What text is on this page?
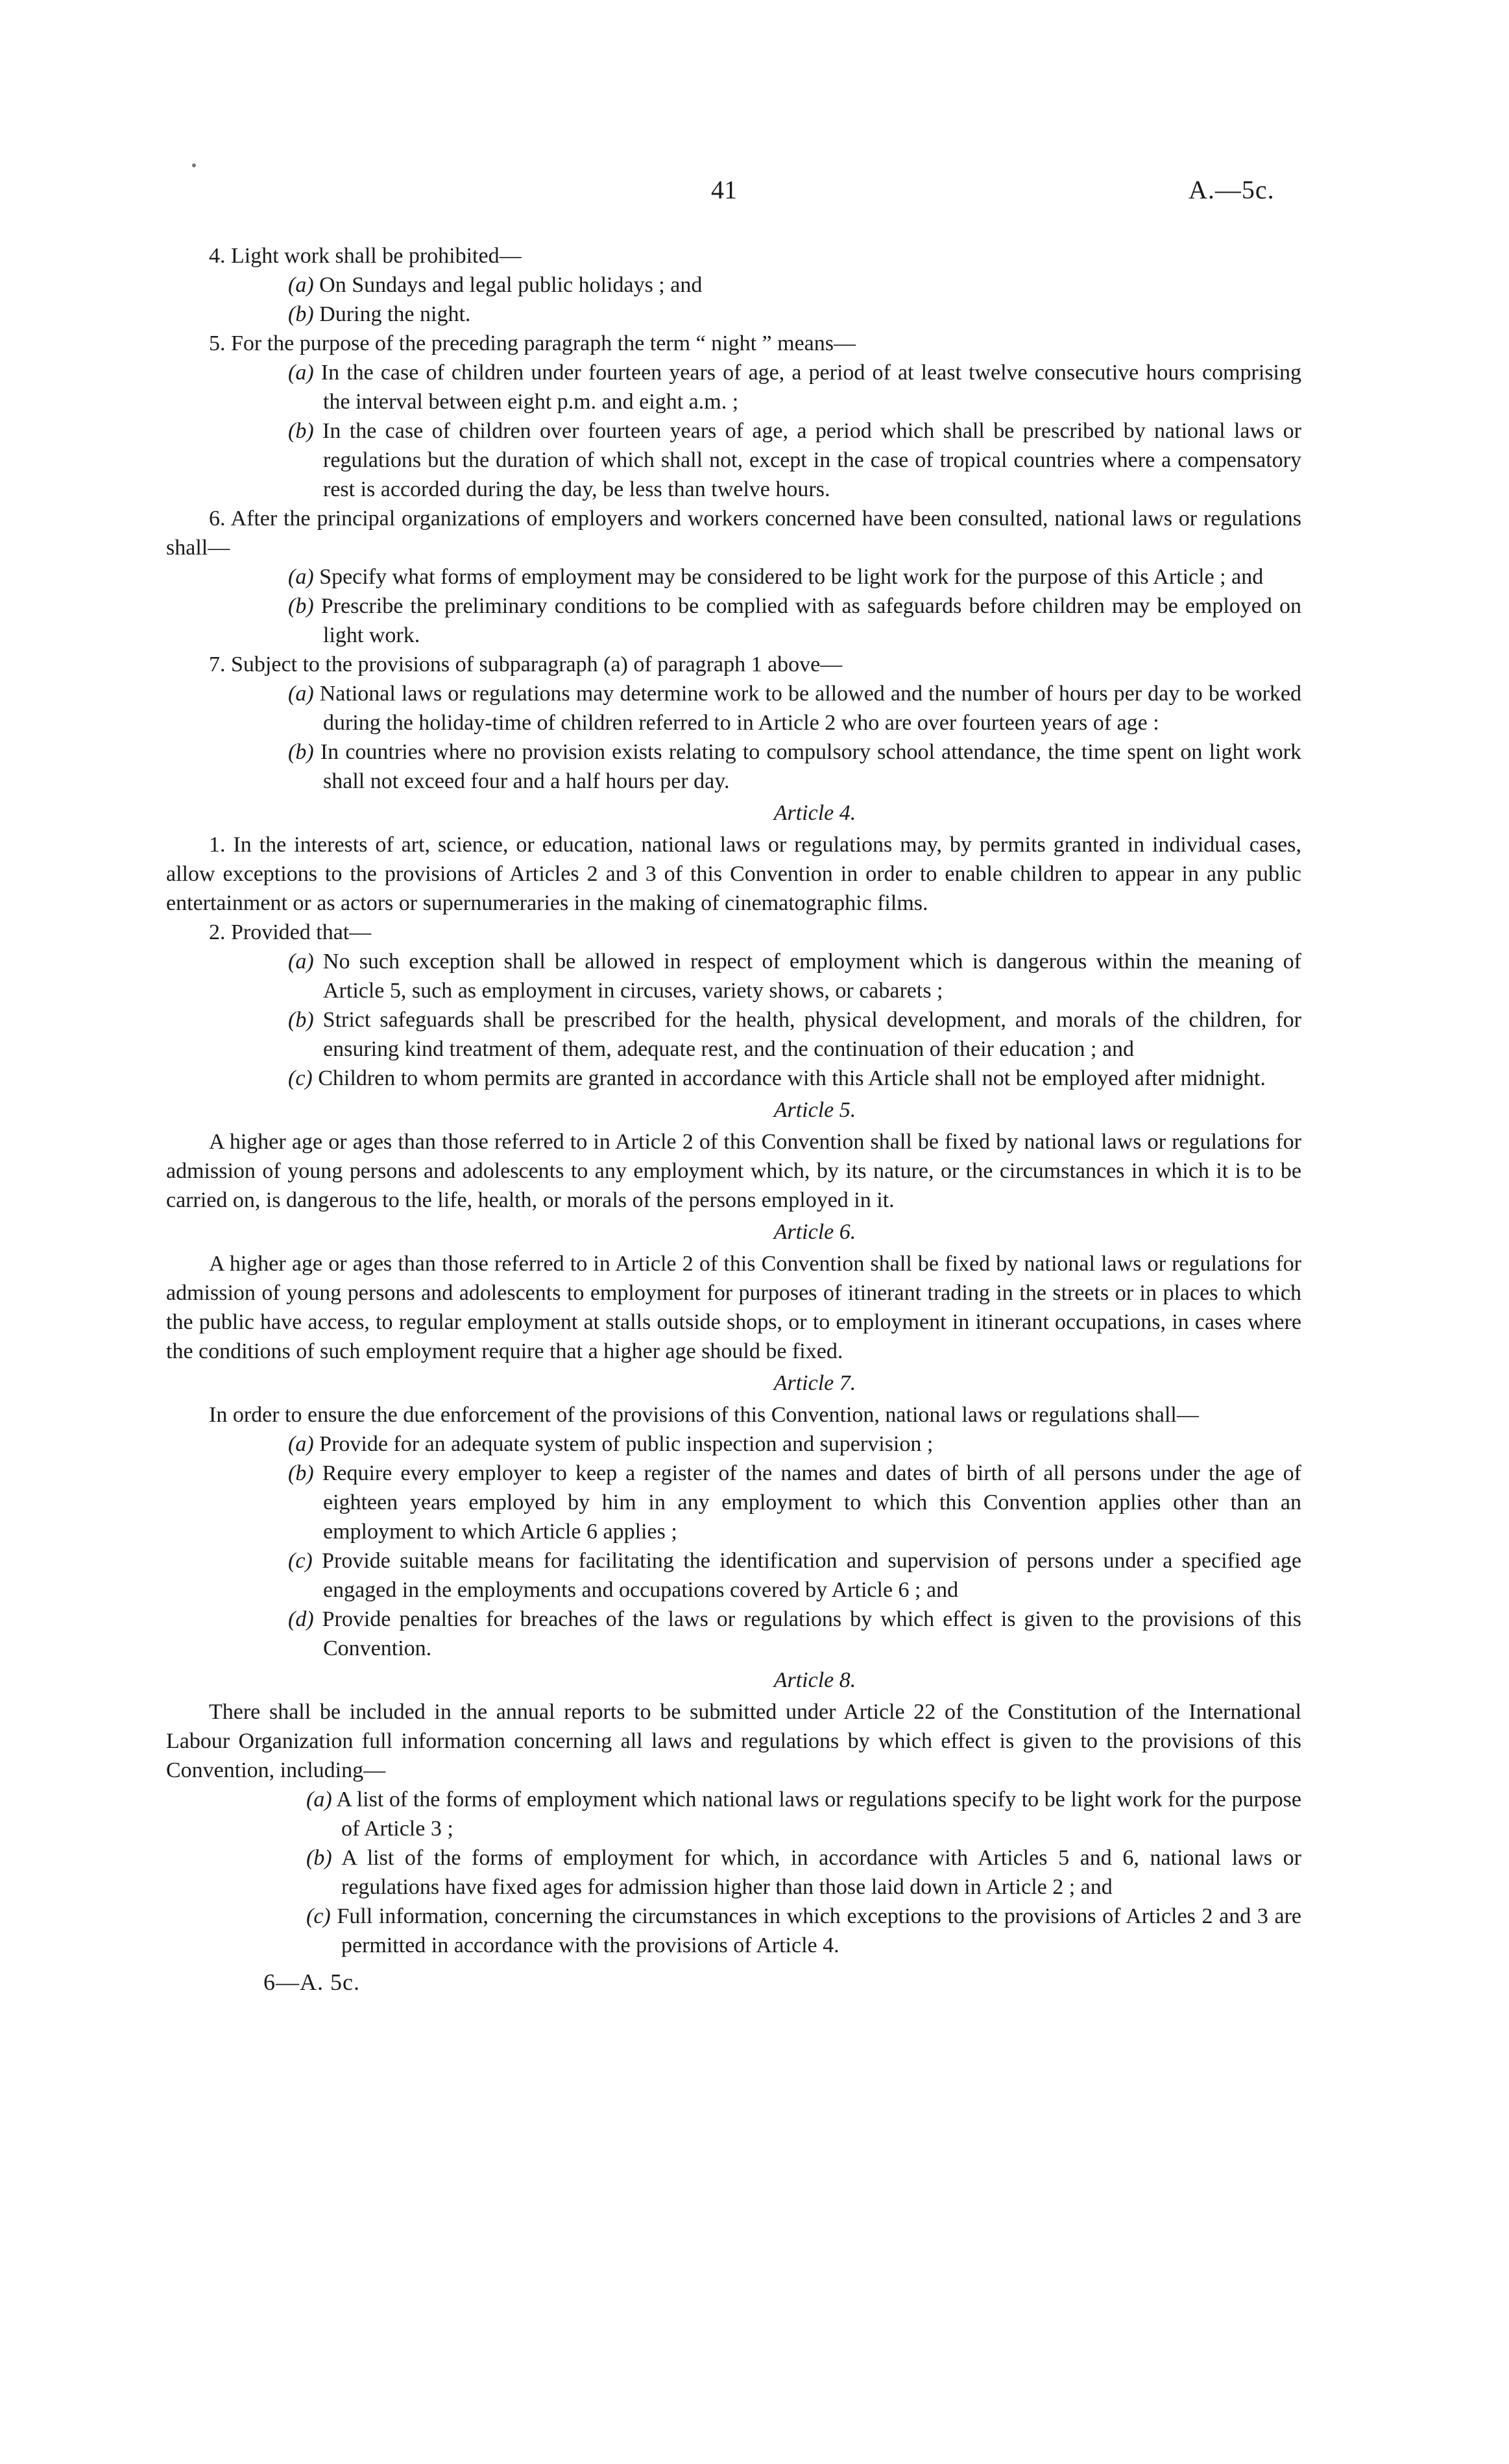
41	A.—5c.

4. Light work shall be prohibited—

(a) On Sundays and legal public holidays ; and

(b) During the night.

5. For the purpose of the preceding paragraph the term “ night ” means—

(a) In the case of children under fourteen years of age, a period of at least twelve consecutive hours comprising the interval between eight p.m. and eight a.m. ;

(b) In the case of children over fourteen years of age, a period which shall be prescribed by national laws or regulations but the duration of which shall not, except in the case of tropical countries where a compensatory rest is accorded during the day, be less than twelve hours.

6. After the principal organizations of employers and workers concerned have been consulted, national laws or regulations shall—

(a) Specify what forms of employment may be considered to be light work for the purpose of this Article ; and

(b) Prescribe the preliminary conditions to be complied with as safeguards before children may be employed on light work.

7. Subject to the provisions of subparagraph (a) of paragraph 1 above—

(a) National laws or regulations may determine work to be allowed and the number of hours per day to be worked during the holiday-time of children referred to in Article 2 who are over fourteen years of age :

(b) In countries where no provision exists relating to compulsory school attendance, the time spent on light work shall not exceed four and a half hours per day.

Article 4.

1. In the interests of art, science, or education, national laws or regulations may, by permits granted in individual cases, allow exceptions to the provisions of Articles 2 and 3 of this Convention in order to enable children to appear in any public entertainment or as actors or supernumeraries in the making of cinematographic films.

2. Provided that—

(a) No such exception shall be allowed in respect of employment which is dangerous within the meaning of Article 5, such as employment in circuses, variety shows, or cabarets ;

(b) Strict safeguards shall be prescribed for the health, physical development, and morals of the children, for ensuring kind treatment of them, adequate rest, and the continuation of their education ; and

(c) Children to whom permits are granted in accordance with this Article shall not be employed after midnight.

Article 5.

A higher age or ages than those referred to in Article 2 of this Convention shall be fixed by national laws or regulations for admission of young persons and adolescents to any employment which, by its nature, or the circumstances in which it is to be carried on, is dangerous to the life, health, or morals of the persons employed in it.

Article 6.

A higher age or ages than those referred to in Article 2 of this Convention shall be fixed by national laws or regulations for admission of young persons and adolescents to employment for purposes of itinerant trading in the streets or in places to which the public have access, to regular employment at stalls outside shops, or to employment in itinerant occupations, in cases where the conditions of such employment require that a higher age should be fixed.

Article 7.

In order to ensure the due enforcement of the provisions of this Convention, national laws or regulations shall—

(a) Provide for an adequate system of public inspection and supervision ;

(b) Require every employer to keep a register of the names and dates of birth of all persons under the age of eighteen years employed by him in any employment to which this Convention applies other than an employment to which Article 6 applies ;

(c) Provide suitable means for facilitating the identification and supervision of persons under a specified age engaged in the employments and occupations covered by Article 6 ; and

(d) Provide penalties for breaches of the laws or regulations by which effect is given to the provisions of this Convention.

Article 8.

There shall be included in the annual reports to be submitted under Article 22 of the Constitution of the International Labour Organization full information concerning all laws and regulations by which effect is given to the provisions of this Convention, including—

(a) A list of the forms of employment which national laws or regulations specify to be light work for the purpose of Article 3 ;

(b) A list of the forms of employment for which, in accordance with Articles 5 and 6, national laws or regulations have fixed ages for admission higher than those laid down in Article 2 ; and

(c) Full information, concerning the circumstances in which exceptions to the provisions of Articles 2 and 3 are permitted in accordance with the provisions of Article 4.

6—A. 5c.
